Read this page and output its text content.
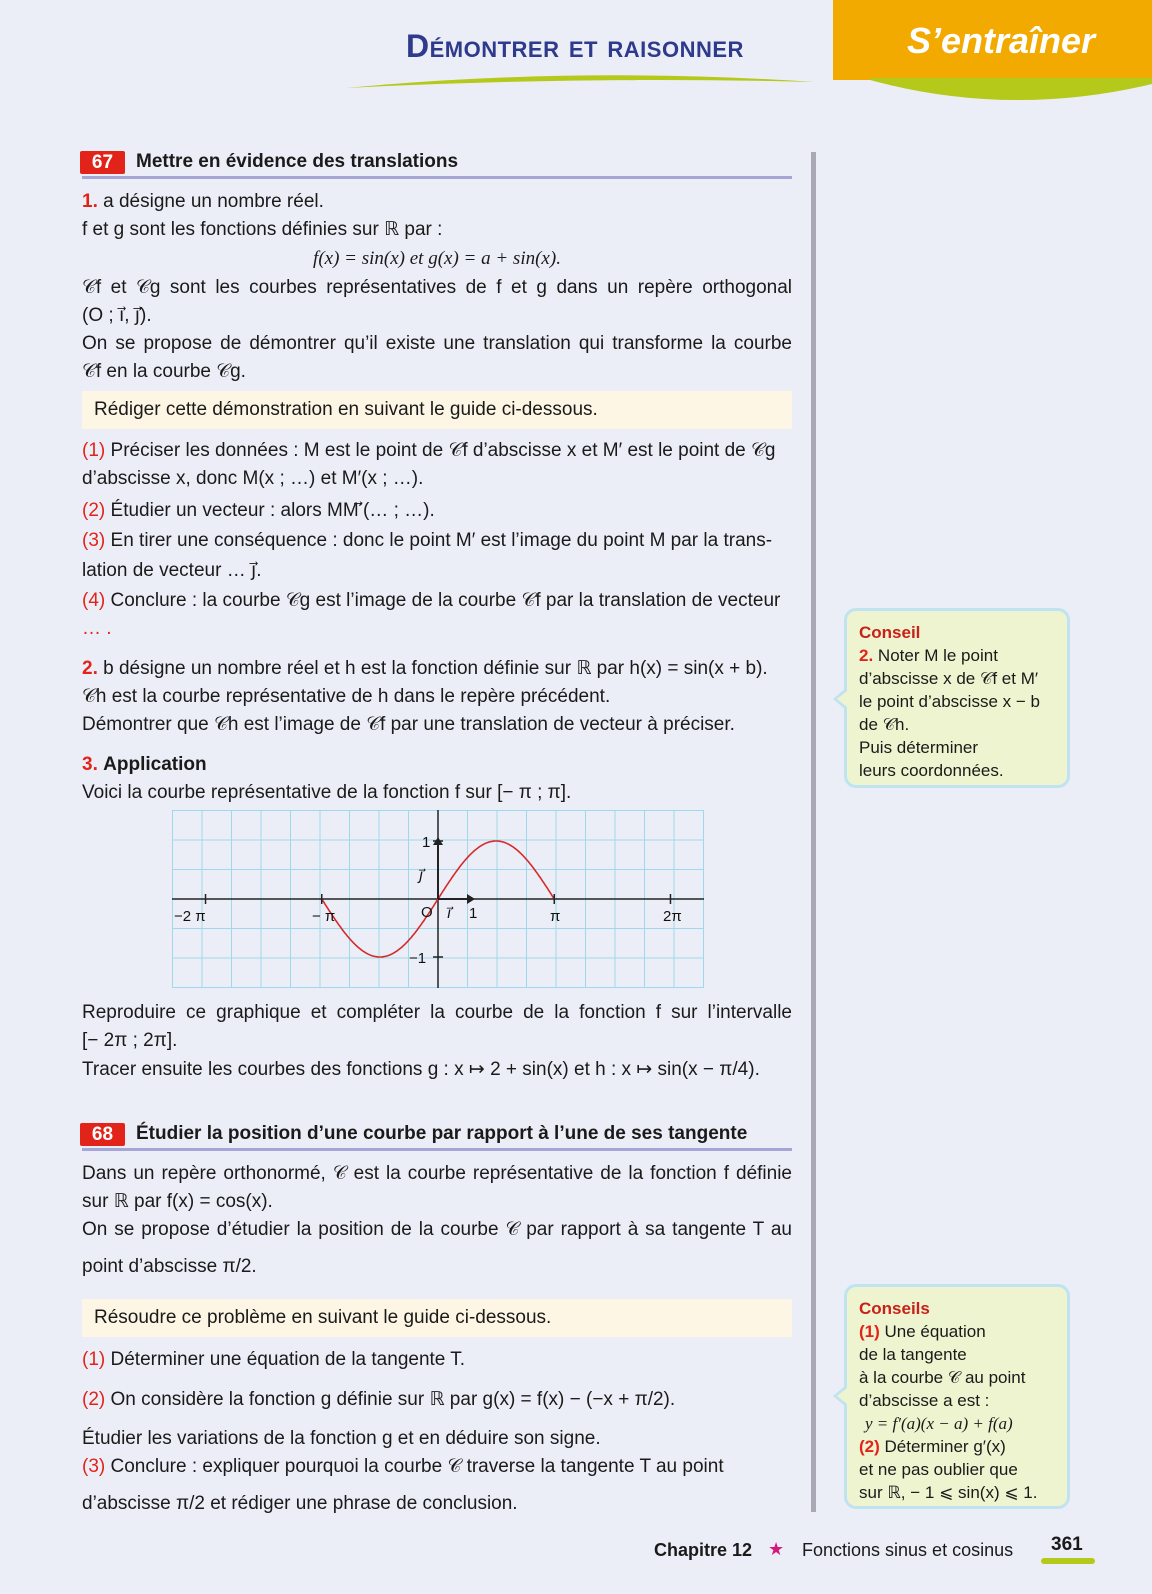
Démontrer et raisonner	S’entraîner
67	Mettre en évidence des translations
1. a désigne un nombre réel.
f et g sont les fonctions définies sur ℝ par :
f(x) = sin(x) et g(x) = a + sin(x).
𝒞f et 𝒞g sont les courbes représentatives de f et g dans un repère orthogonal
(O ; i⃗, j⃗).
On se propose de démontrer qu’il existe une translation qui transforme la courbe
𝒞f en la courbe 𝒞g.
Rédiger cette démonstration en suivant le guide ci-dessous.
(1) Préciser les données : M est le point de 𝒞f d’abscisse x et M′ est le point de 𝒞g
d’abscisse x, donc M(x ; …) et M′(x ; …).
(2) Étudier un vecteur : alors MM′⃗(… ; …).
(3) En tirer une conséquence : donc le point M′ est l’image du point M par la trans-
lation de vecteur … j⃗.
(4) Conclure : la courbe 𝒞g est l’image de la courbe 𝒞f par la translation de vecteur
… .
2. b désigne un nombre réel et h est la fonction définie sur ℝ par h(x) = sin(x + b).
𝒞h est la courbe représentative de h dans le repère précédent.
Démontrer que 𝒞h est l’image de 𝒞f par une translation de vecteur à préciser.
3. Application
Voici la courbe représentative de la fonction f sur [− π ; π].
−2 π	− π	O 1	π	2π
1
−1
i⃗
j⃗
Reproduire ce graphique et compléter la courbe de la fonction f sur l’intervalle
[− 2π ; 2π].
Tracer ensuite les courbes des fonctions g : x ↦ 2 + sin(x) et h : x ↦ sin(x − π/4).
68	Étudier la position d’une courbe par rapport à l’une de ses tangente
Dans un repère orthonormé, 𝒞 est la courbe représentative de la fonction f définie
sur ℝ par f(x) = cos(x).
On se propose d’étudier la position de la courbe 𝒞 par rapport à sa tangente T au
point d’abscisse π/2.
Résoudre ce problème en suivant le guide ci-dessous.
(1) Déterminer une équation de la tangente T.
(2) On considère la fonction g définie sur ℝ par g(x) = f(x) − (−x + π/2).
Étudier les variations de la fonction g et en déduire son signe.
(3) Conclure : expliquer pourquoi la courbe 𝒞 traverse la tangente T au point
d’abscisse π/2 et rédiger une phrase de conclusion.
Conseil
2. Noter M le point
d’abscisse x de 𝒞f et M′
le point d’abscisse x − b
de 𝒞h.
Puis déterminer
leurs coordonnées.
Conseils
(1) Une équation
de la tangente
à la courbe 𝒞 au point
d’abscisse a est :
y = f′(a)(x − a) + f(a)
(2) Déterminer g′(x)
et ne pas oublier que
sur ℝ, − 1 ⩽ sin(x) ⩽ 1.
Chapitre 12 ★ Fonctions sinus et cosinus 361
